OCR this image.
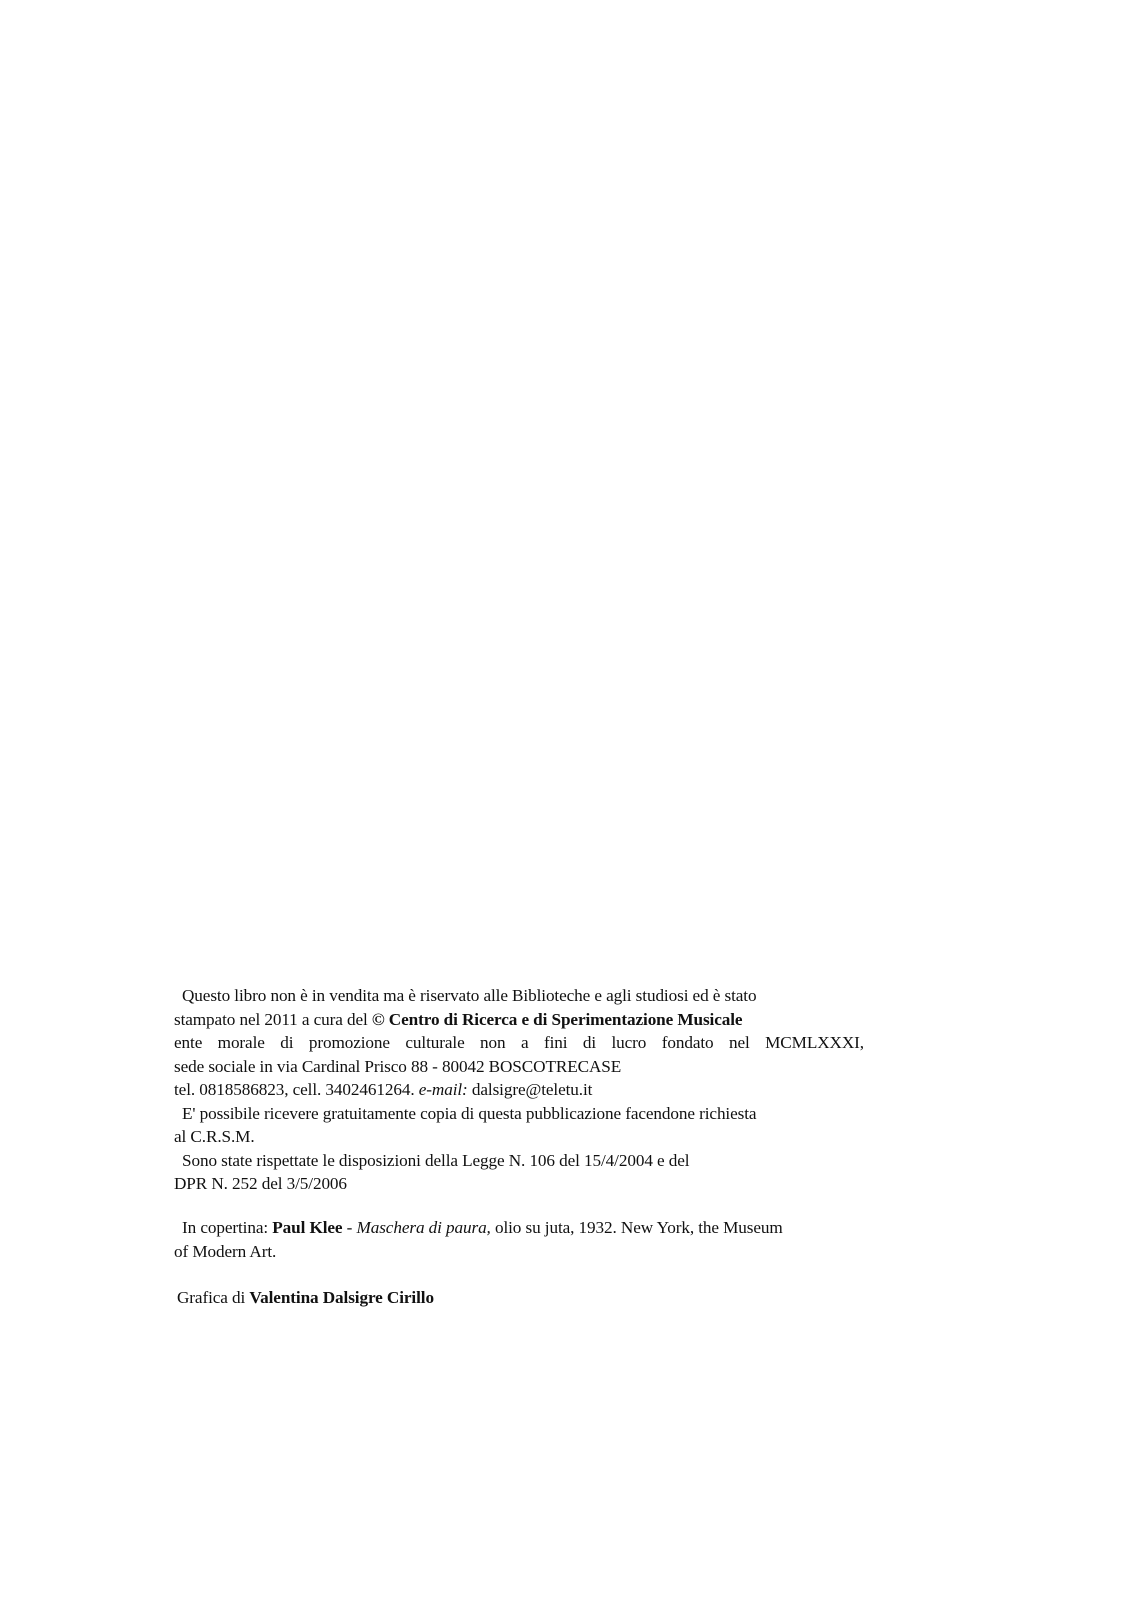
Questo libro non è in vendita ma è riservato alle Biblioteche e agli studiosi ed è stato
stampato nel 2011 a cura del © Centro di Ricerca e di Sperimentazione Musicale
ente morale di promozione culturale non a fini di lucro fondato nel MCMLXXXI,
sede sociale in via Cardinal Prisco 88 - 80042 BOSCOTRECASE
tel. 0818586823, cell. 3402461264. e-mail: dalsigre@teletu.it
E' possibile ricevere gratuitamente copia di questa pubblicazione facendone richiesta
al C.R.S.M.
Sono state rispettate le disposizioni della Legge N. 106 del 15/4/2004 e del
DPR N. 252 del 3/5/2006
In copertina: Paul Klee - Maschera di paura, olio su juta, 1932. New York, the Museum
of Modern Art.
Grafica di Valentina Dalsigre Cirillo
